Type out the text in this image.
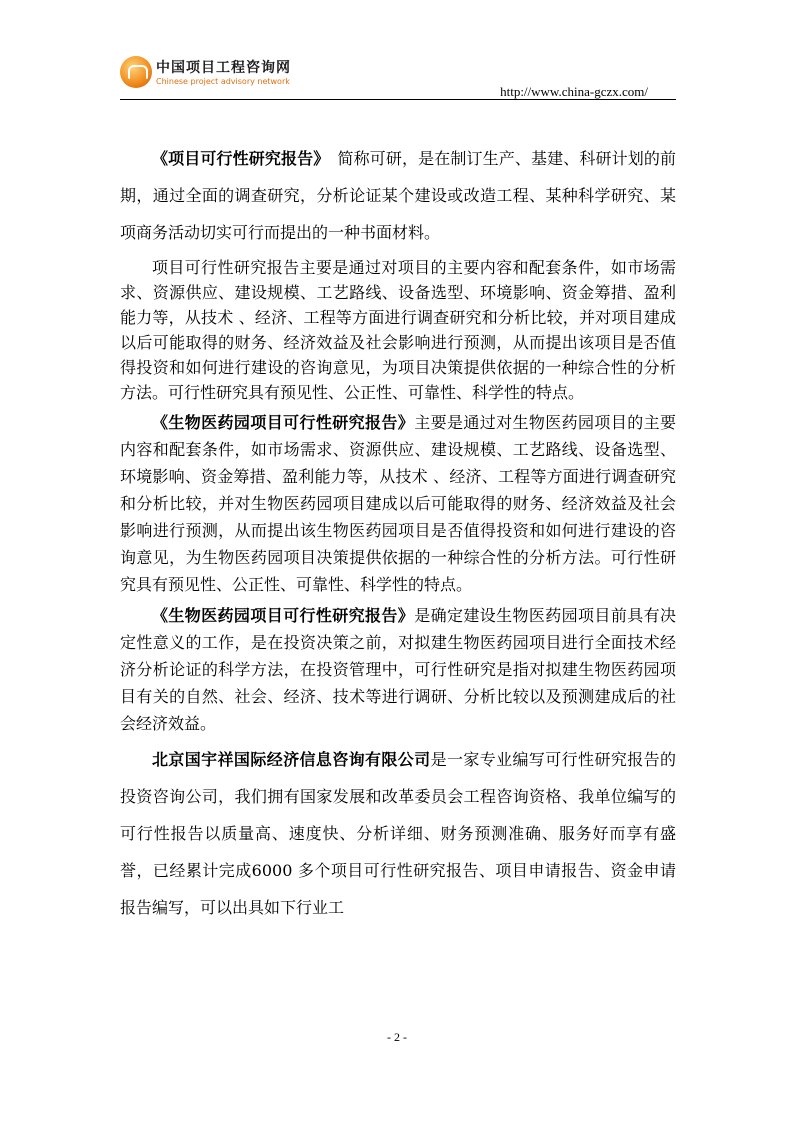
中国项目工程咨询网
Chinese project advisory network
http://www.china-gczx.com/

《项目可行性研究报告》　 简称可研，是在制订生产、基建、科研计划的前期，通过全面的调查研究，分析论证某个建设或改造工程、某种科学研究、某项商务活动切实可行而提出的一种书面材料。

项目可行性研究报告主要是通过对项目的主要内容和配套条件，如市场需求、资源供应、建设规模、工艺路线、设备选型、环境影响、资金筹措、盈利能力等，从技术 、经济、工程等方面进行调查研究和分析比较，并对项目建成以后可能取得的财务、经济效益及社会影响进行预测，从而提出该项目是否值得投资和如何进行建设的咨询意见，为项目决策提供依据的一种综合性的分析方法。可行性研究具有预见性、公正性、可靠性、科学性的特点。

《生物医药园项目可行性研究报告》主要是通过对生物医药园项目的主要内容和配套条件，如市场需求、资源供应、建设规模、工艺路线、设备选型、环境影响、资金筹措、盈利能力等，从技术 、经济、工程等方面进行调查研究和分析比较，并对生物医药园项目建成以后可能取得的财务、经济效益及社会影响进行预测，从而提出该生物医药园项目是否值得投资和如何进行建设的咨询意见，为生物医药园项目决策提供依据的一种综合性的分析方法。可行性研究具有预见性、公正性、可靠性、科学性的特点。

《生物医药园项目可行性研究报告》是确定建设生物医药园项目前具有决定性意义的工作，是在投资决策之前，对拟建生物医药园项目进行全面技术经济分析论证的科学方法，在投资管理中，可行性研究是指对拟建生物医药园项目有关的自然、社会、经济、技术等进行调研、分析比较以及预测建成后的社会经济效益。

北京国宇祥国际经济信息咨询有限公司是一家专业编写可行性研究报告的投资咨询公司，我们拥有国家发展和改革委员会工程咨询资格、我单位编写的可行性报告以质量高、速度快、分析详细、财务预测准确、服务好而享有盛誉，已经累计完成6000 多个项目可行性研究报告、项目申请报告、资金申请报告编写，可以出具如下行业工

- 2 -
